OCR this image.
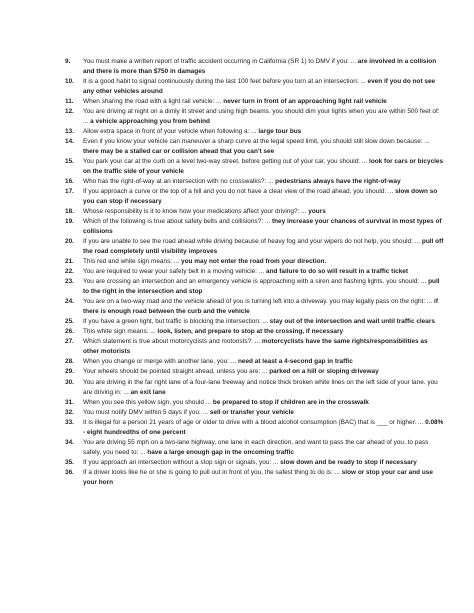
9.	You must make a written report of traffic accident occurring in California (SR 1) to DMV if you: ... are involved in a collision and there is more than $750 in damages
10.	It is a good habit to signal continuously during the last 100 feet before you turn at an intersection: ... even if you do not see any other vehicles around
11.	When sharing the road with a light rail vehicle: ... never turn in front of an approaching light rail vehicle
12.	You are driving at night on a dimly lit street and using high beams. you should dim your lights when you are within 500 feet of: ... a vehicle approaching you from behind
13.	Allow extra space in front of your vehicle when following a: ... large tour bus
14.	Even if you know your vehicle can maneuver a sharp curve at the legal speed limit, you should still slow down because: ... there may be a stalled car or collision ahead that you can't see
15.	You park your car at the curb on a level two-way street. before getting out of your car, you should: ... look for cars or bicycles on the traffic side of your vehicle
16.	Who has the right-of-way at an intersection with no crosswalks?: ... pedestrians always have the right-of-way
17.	If you approach a curve or the top of a hill and you do not have a clear view of the road ahead, you should: ... slow down so you can stop if necessary
18.	Whose responsibility is it to know how your medications affect your driving?: ... yours
19.	Which of the following is true about safety belts and collisions?: ... they increase your chances of survival in most types of collisions
20.	If you are unable to see the road ahead while driving because of heavy fog and your wipers do not help, you should: ... pull off the road completely until visibility improves
21.	This red and white sign means: ... you may not enter the road from your direction.
22.	You are required to wear your safety belt in a moving vehicle: ... and failure to do so will result in a traffic ticket
23.	You are crossing an intersection and an emergency vehicle is approaching with a siren and flashing lights. you should: ... pull to the right in the intersection and stop
24.	You are on a two-way road and the vehicle ahead of you is turning left into a driveway. you may legally pass on the right: ... if there is enough road between the curb and the vehicle
25.	If you have a green light, but traffic is blocking the intersection: ... stay out of the intersection and wait until traffic clears
26.	This white sign means: ... look, listen, and prepare to stop at the crossing, if necessary
27.	Which statement is true about motorcyclists and motorists?: ... motorcyclists have the same rights/responsibilities as other motorists
28.	When you change or merge with another lane, you: ... need at least a 4-second gap in traffic
29.	Your wheels should be pointed straight ahead, unless you are: ... parked on a hill or sloping driveway
30.	You are driving in the far right lane of a four-lane freeway and notice thick broken white lines on the left side of your lane. you are driving in: ... an exit lane
31.	When you see this yellow sign, you should ... be prepared to stop if children are in the crosswalk
32.	You must notify DMV within 5 days if you: ... sell or transfer your vehicle
33.	It is illegal for a person 21 years of age or older to drive with a blood alcohol consumption (BAC) that is ___ or higher. ... 0.08% - eight hundredths of one percent
34.	You are driving 55 mph on a two-lane highway, one lane in each direction, and want to pass the car ahead of you. to pass safely, you need to: ... have a large enough gap in the oncoming traffic
35.	If you approach an intersection without a stop sign or signals, you: ... slow down and be ready to stop if necessary
36.	If a driver looks like he or she is going to pull out in front of you, the safest thing to do is: ... slow or stop your car and use your horn
